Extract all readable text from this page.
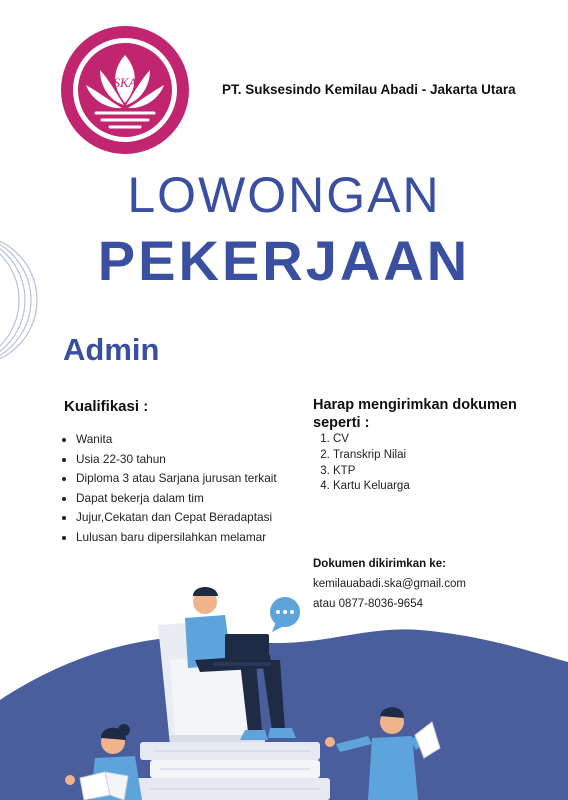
SKA	PT. Suksesindo Kemilau Abadi - Jakarta Utara
LOWONGAN
PEKERJAAN
Admin
Kualifikasi :
• Wanita
• Usia 22-30 tahun
• Diploma 3 atau Sarjana jurusan terkait
• Dapat bekerja dalam tim
• Jujur,Cekatan dan Cepat Beradaptasi
• Lulusan baru dipersilahkan melamar
Harap mengirimkan dokumen seperti :
1. CV
2. Transkrip Nilai
3. KTP
4. Kartu Keluarga
Dokumen dikirimkan ke:
kemilauabadi.ska@gmail.com
atau 0877-8036-9654
